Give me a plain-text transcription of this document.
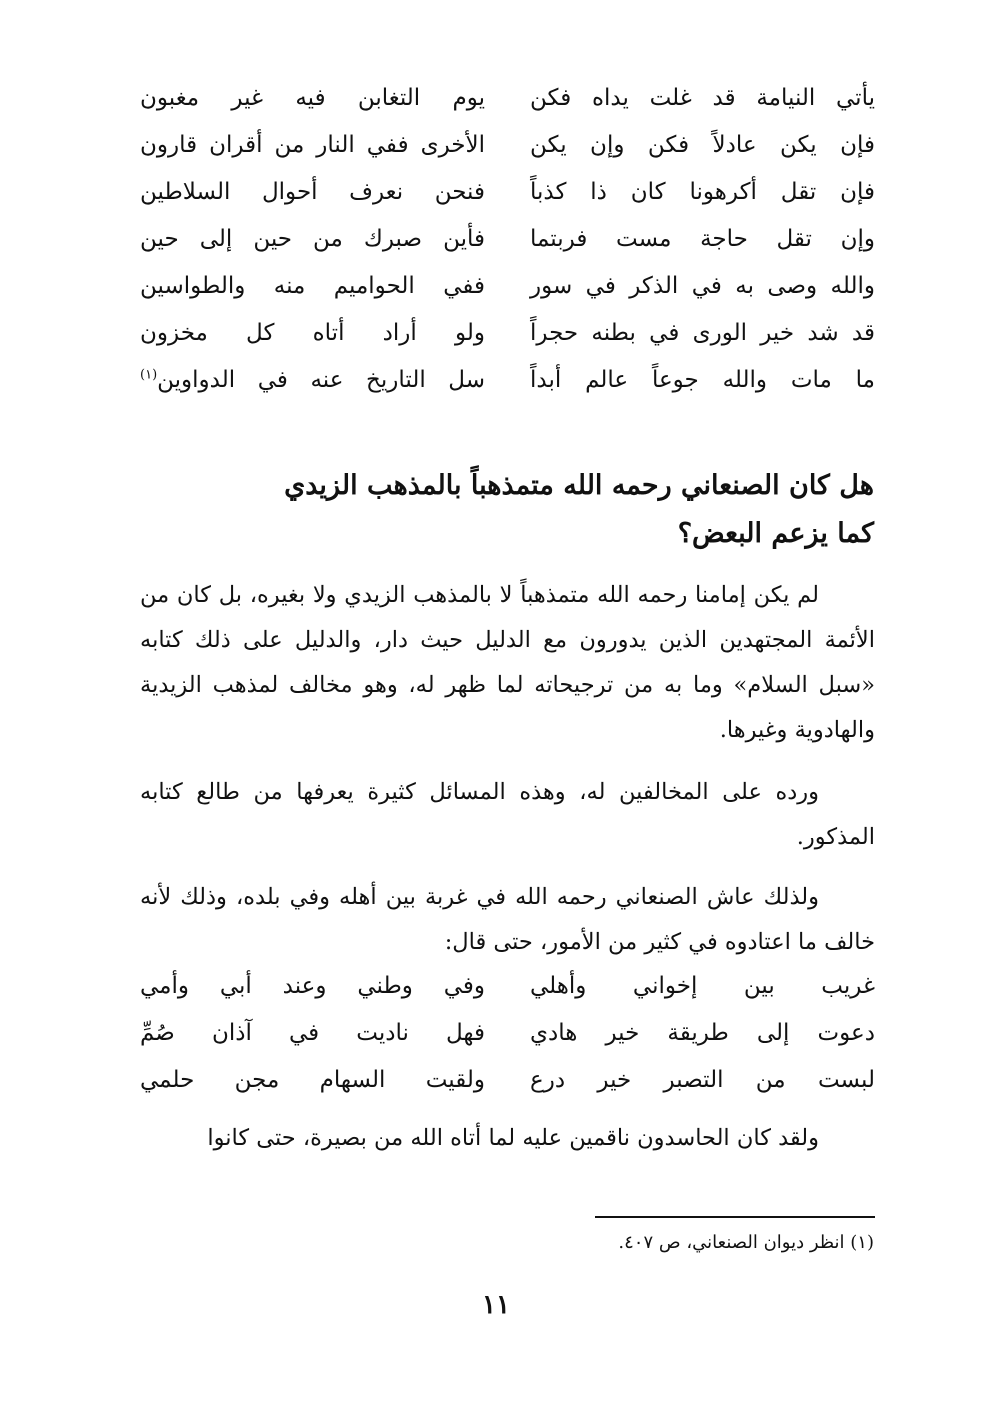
يأتي النيامة قد غلت يداه فكن
يوم التغابن فيه غير مغبون
فإن يكن عادلاً فكن وإن يكن
الأخرى ففي النار من أقران قارون
فإن تقل أكرهونا كان ذا كذباً
فنحن نعرف أحوال السلاطين
وإن تقل حاجة مست فربتما
فأين صبرك من حين إلى حين
والله وصى به في الذكر في سور
ففي الحواميم منه والطواسين
قد شد خير الورى في بطنه حجراً
ولو أراد أتاه كل مخزون
ما مات والله جوعاً عالم أبداً
سل التاريخ عنه في الدواوين$^{(١)}$
هل كان الصنعاني رحمه الله متمذهباً بالمذهب الزيدي
كما يزعم البعض؟

لم يكن إمامنا رحمه الله متمذهباً لا بالمذهب الزيدي ولا بغيره، بل كان من الأئمة المجتهدين الذين يدورون مع الدليل حيث دار، والدليل على ذلك كتابه «سبل السلام» وما به من ترجيحاته لما ظهر له، وهو مخالف لمذهب الزيدية والهادوية وغيرها.

ورده على المخالفين له، وهذه المسائل كثيرة يعرفها من طالع كتابه المذكور.

ولذلك عاش الصنعاني رحمه الله في غربة بين أهله وفي بلده، وذلك لأنه خالف ما اعتادوه في كثير من الأمور، حتى قال:

غريب بين إخواني وأهلي
وفي وطني وعند أبي وأمي
دعوت إلى طريقة خير هادي
فهل ناديت في آذان صُمِّ
لبست من التصبر خير درع
ولقيت السهام مجن حلمي

ولقد كان الحاسدون ناقمين عليه لما أتاه الله من بصيرة، حتى كانوا

(١) انظر ديوان الصنعاني، ص ٤٠٧.
١١
